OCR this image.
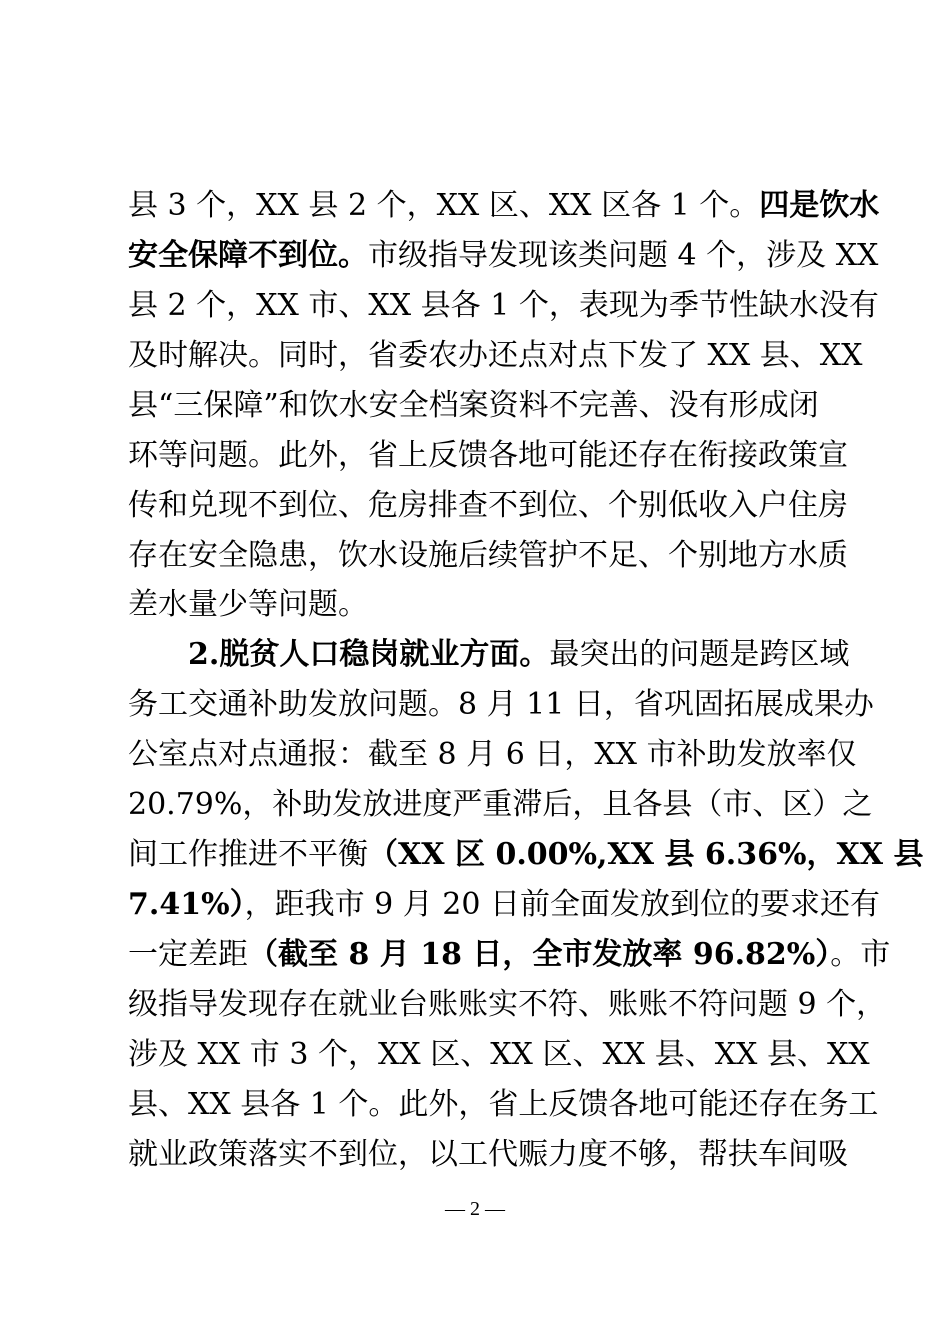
县 3 个，XX 县 2 个，XX 区、XX 区各 1 个。四是饮水
安全保障不到位。市级指导发现该类问题 4 个，涉及 XX
县 2 个，XX 市、XX 县各 1 个，表现为季节性缺水没有
及时解决。同时，省委农办还点对点下发了 XX 县、XX
县“三保障”和饮水安全档案资料不完善、没有形成闭
环等问题。此外，省上反馈各地可能还存在衔接政策宣
传和兑现不到位、危房排查不到位、个别低收入户住房
存在安全隐患，饮水设施后续管护不足、个别地方水质
差水量少等问题。
2.脱贫人口稳岗就业方面。最突出的问题是跨区域
务工交通补助发放问题。8 月 11 日，省巩固拓展成果办
公室点对点通报：截至 8 月 6 日，XX 市补助发放率仅
20.79%，补助发放进度严重滞后，且各县（市、区）之
间工作推进不平衡（XX 区 0.00%,XX 县 6.36%，XX 县
7.41%），距我市 9 月 20 日前全面发放到位的要求还有
一定差距（截至 8 月 18 日，全市发放率 96.82%）。市
级指导发现存在就业台账账实不符、账账不符问题 9 个，
涉及 XX 市 3 个，XX 区、XX 区、XX 县、XX 县、XX
县、XX 县各 1 个。此外，省上反馈各地可能还存在务工
就业政策落实不到位，以工代赈力度不够，帮扶车间吸
— 2 —
